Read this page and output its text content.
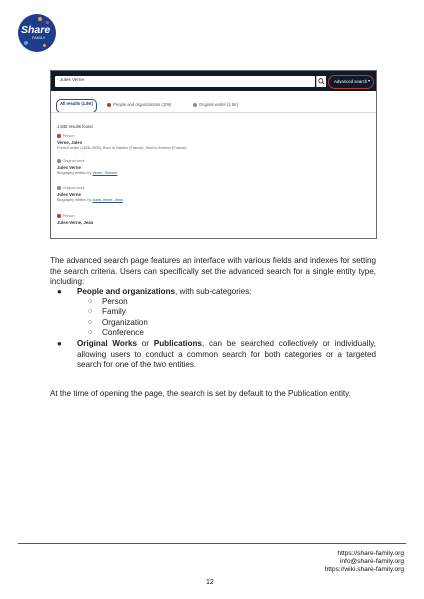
Share
FAMILY
Jules Verne	Advanced search ▾
All results (1.8K)	People and organizations (209)	Original works (1.5K)
1,846 results found
Person
Verne, Jules
French writer (1828-1905). Born in Nantes (France), Died in Amiens (France).
Original work
Jules Verne
Biography written by Verne, Simone
Original work
Jules Verne
Biography written by Jules-Verne, Jean
Person
Jules-Verne, Jean
The advanced search page features an interface with various fields and indexes for setting the search criteria. Users can specifically set the advanced search for a single entity type, including:
● People and organizations, with sub-categories:
○ Person
○ Family
○ Organization
○ Conference
● Original Works or Publications, can be searched collectively or individually, allowing users to conduct a common search for both categories or a targeted search for one of the two entities.
At the time of opening the page, the search is set by default to the Publication entity.
https://share-family.org
info@share-family.org
https://wiki.share-family.org
12
